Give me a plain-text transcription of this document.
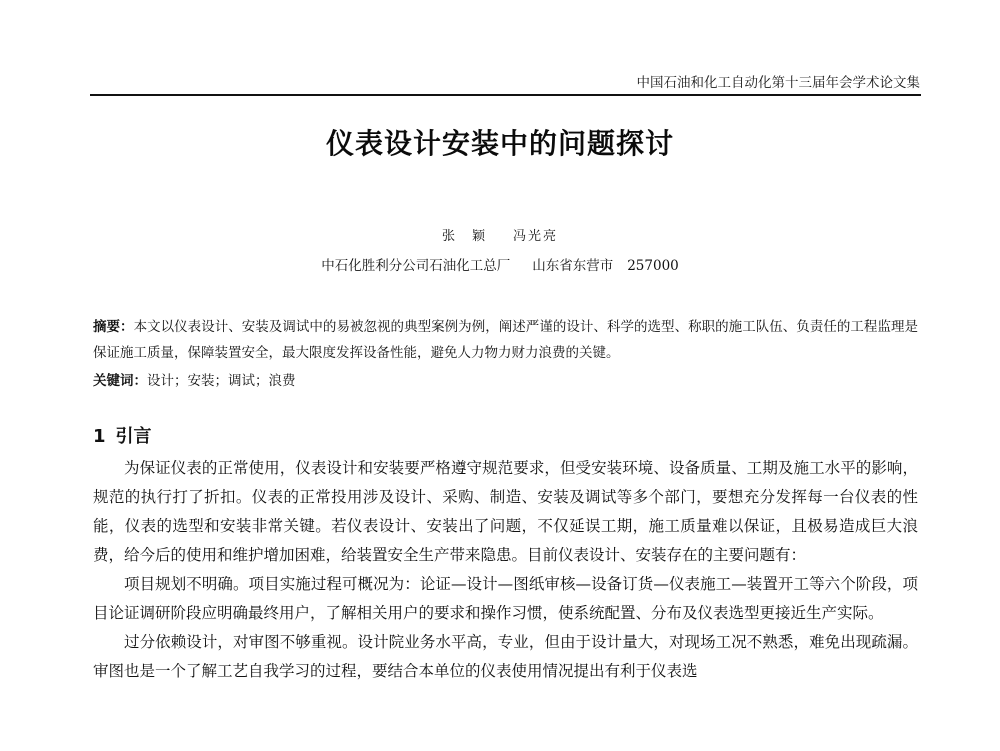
中国石油和化工自动化第十三届年会学术论文集
仪表设计安装中的问题探讨
张　颖 冯光亮
中石化胜利分公司石油化工总厂 山东省东营市 257000
摘要：本文以仪表设计、安装及调试中的易被忽视的典型案例为例，阐述严谨的设计、科学的选型、称职的施工队伍、负责任的工程监理是保证施工质量，保障装置安全，最大限度发挥设备性能，避免人力物力财力浪费的关键。
关键词：设计；安装；调试；浪费
1 引言

为保证仪表的正常使用，仪表设计和安装要严格遵守规范要求，但受安装环境、设备质量、工期及施工水平的影响，规范的执行打了折扣。仪表的正常投用涉及设计、采购、制造、安装及调试等多个部门，要想充分发挥每一台仪表的性能，仪表的选型和安装非常关键。若仪表设计、安装出了问题，不仅延误工期，施工质量难以保证，且极易造成巨大浪费，给今后的使用和维护增加困难，给装置安全生产带来隐患。目前仪表设计、安装存在的主要问题有：

项目规划不明确。项目实施过程可概况为：论证—设计—图纸审核—设备订货—仪表施工—装置开工等六个阶段，项目论证调研阶段应明确最终用户，了解相关用户的要求和操作习惯，使系统配置、分布及仪表选型更接近生产实际。

过分依赖设计，对审图不够重视。设计院业务水平高，专业，但由于设计量大，对现场工况不熟悉，难免出现疏漏。审图也是一个了解工艺自我学习的过程，要结合本单位的仪表使用情况提出有利于仪表选
